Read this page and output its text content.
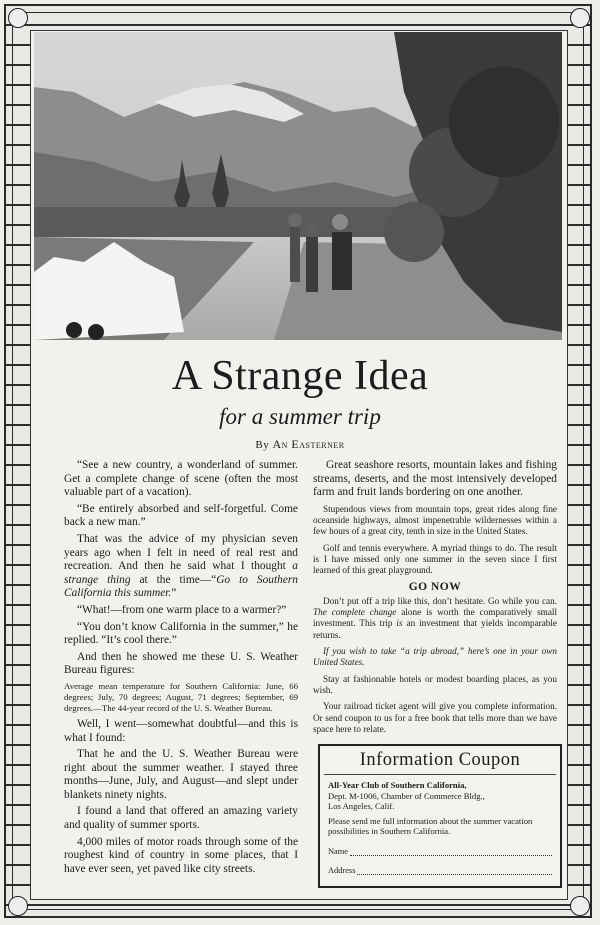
A Strange Idea
for a summer trip
By An Easterner

“See a new country, a wonderland of summer. Get a complete change of scene (often the most valuable part of a vacation).

“Be entirely absorbed and self-forgetful. Come back a new man.”

That was the advice of my physician seven years ago when I felt in need of real rest and recreation. And then he said what I thought a strange thing at the time—“Go to Southern California this summer.”

“What!—from one warm place to a warmer?”

“You don’t know California in the summer,” he replied. “It’s cool there.”

And then he showed me these U. S. Weather Bureau figures:

Average mean temperature for Southern California: June, 66 degrees; July, 70 degrees; August, 71 degrees; September, 69 degrees.—The 44-year record of the U. S. Weather Bureau.

Well, I went—somewhat doubtful—and this is what I found:

That he and the U. S. Weather Bureau were right about the summer weather. I stayed three months—June, July, and August—and slept under blankets ninety nights.

I found a land that offered an amazing variety and quality of summer sports.

4,000 miles of motor roads through some of the roughest kind of country in some places, that I have ever seen, yet paved like city streets.

Great seashore resorts, mountain lakes and fishing streams, deserts, and the most intensively developed farm and fruit lands bordering on one another.

Stupendous views from mountain tops, great rides along fine oceanside highways, almost impenetrable wildernesses within a few hours of a great city, tenth in size in the United States.

Golf and tennis everywhere. A myriad things to do. The result is I have missed only one summer in the seven since I first learned of this great playground.

GO NOW

Don’t put off a trip like this, don’t hesitate. Go while you can. The complete change alone is worth the comparatively small investment. This trip is an investment that yields incomparable returns.

If you wish to take “a trip abroad,” here’s one in your own United States.

Stay at fashionable hotels or modest boarding places, as you wish.

Your railroad ticket agent will give you complete information. Or send coupon to us for a free book that tells more than we have space here to relate.

Information Coupon
All-Year Club of Southern California,
Dept. M-1006, Chamber of Commerce Bldg.,
Los Angeles, Calif.
Please send me full information about the summer vacation possibilities in Southern California.
Name
Address
